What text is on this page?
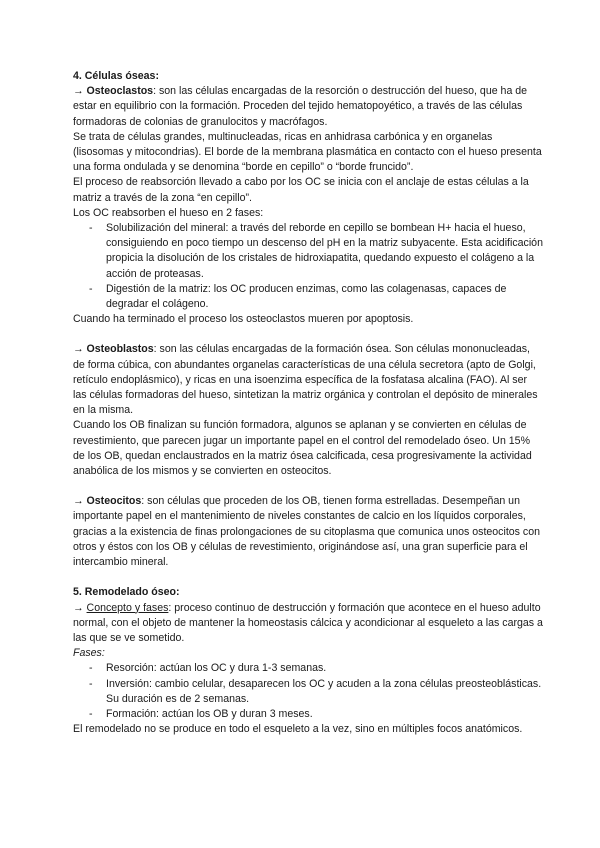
4. Células óseas:

→ Osteoclastos: son las células encargadas de la resorción o destrucción del hueso, que ha de estar en equilibrio con la formación. Proceden del tejido hematopoyético, a través de las células formadoras de colonias de granulocitos y macrófagos.

Se trata de células grandes, multinucleadas, ricas en anhidrasa carbónica y en organelas (lisosomas y mitocondrias). El borde de la membrana plasmática en contacto con el hueso presenta una forma ondulada y se denomina “borde en cepillo” o “borde fruncido”.

El proceso de reabsorción llevado a cabo por los OC se inicia con el anclaje de estas células a la matriz a través de la zona “en cepillo”.

Los OC reabsorben el hueso en 2 fases:

- Solubilización del mineral: a través del reborde en cepillo se bombean H+ hacia el hueso, consiguiendo en poco tiempo un descenso del pH en la matriz subyacente. Esta acidificación propicia la disolución de los cristales de hidroxiapatita, quedando expuesto el colágeno a la acción de proteasas.
- Digestión de la matriz: los OC producen enzimas, como las colagenasas, capaces de degradar el colágeno.

Cuando ha terminado el proceso los osteoclastos mueren por apoptosis.

→ Osteoblastos: son las células encargadas de la formación ósea. Son células mononucleadas, de forma cúbica, con abundantes organelas características de una célula secretora (apto de Golgi, retículo endoplásmico), y ricas en una isoenzima específica de la fosfatasa alcalina (FAO). Al ser las células formadoras del hueso, sintetizan la matriz orgánica y controlan el depósito de minerales en la misma.

Cuando los OB finalizan su función formadora, algunos se aplanan y se convierten en células de revestimiento, que parecen jugar un importante papel en el control del remodelado óseo. Un 15% de los OB, quedan enclaustrados en la matriz ósea calcificada, cesa progresivamente la actividad anabólica de los mismos y se convierten en osteocitos.

→ Osteocitos: son células que proceden de los OB, tienen forma estrelladas. Desempeñan un importante papel en el mantenimiento de niveles constantes de calcio en los líquidos corporales, gracias a la existencia de finas prolongaciones de su citoplasma que comunica unos osteocitos con otros y éstos con los OB y células de revestimiento, originándose así, una gran superficie para el intercambio mineral.

5. Remodelado óseo:

→ Concepto y fases: proceso continuo de destrucción y formación que acontece en el hueso adulto normal, con el objeto de mantener la homeostasis cálcica y acondicionar al esqueleto a las cargas a las que se ve sometido.

Fases:

- Resorción: actúan los OC y dura 1-3 semanas.
- Inversión: cambio celular, desaparecen los OC y acuden a la zona células preosteoblásticas. Su duración es de 2 semanas.
- Formación: actúan los OB y duran 3 meses.

El remodelado no se produce en todo el esqueleto a la vez, sino en múltiples focos anatómicos.
